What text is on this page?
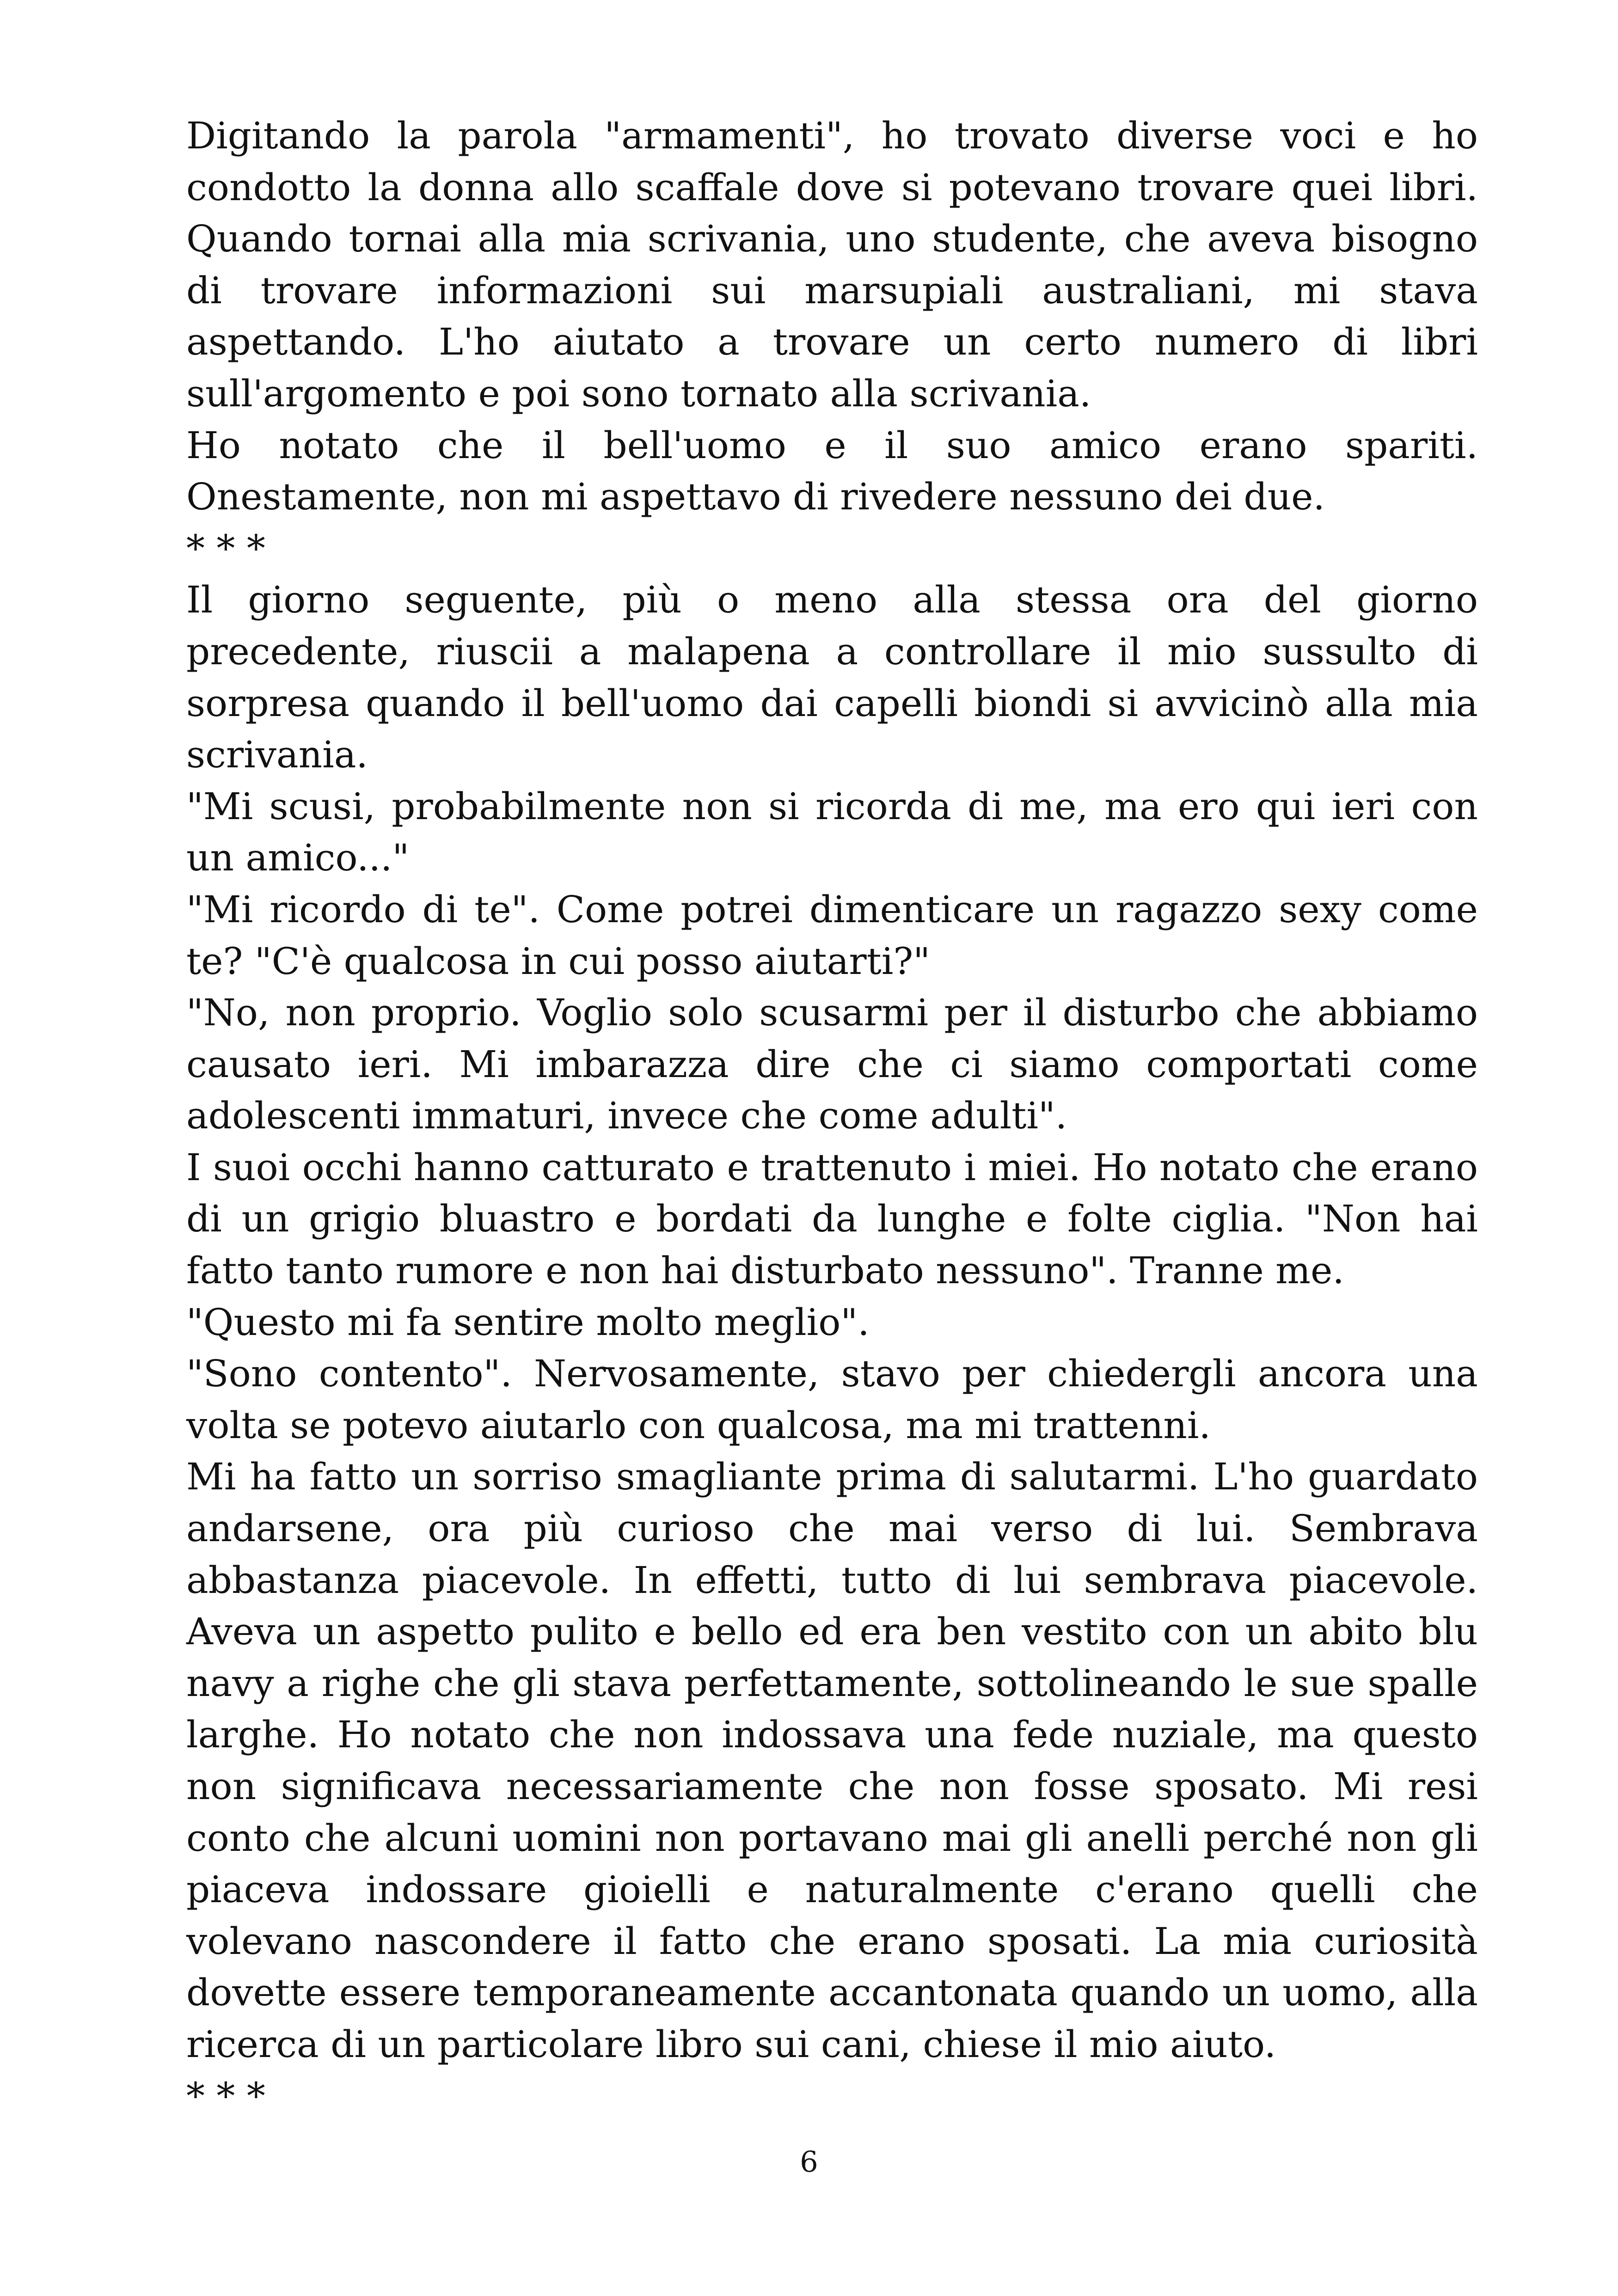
Digitando la parola "armamenti", ho trovato diverse voci e ho condotto la donna allo scaffale dove si potevano trovare quei libri. Quando tornai alla mia scrivania, uno studente, che aveva bisogno di trovare informazioni sui marsupiali australiani, mi stava aspettando. L'ho aiutato a trovare un certo numero di libri sull'argomento e poi sono tornato alla scrivania.

Ho notato che il bell'uomo e il suo amico erano spariti. Onestamente, non mi aspettavo di rivedere nessuno dei due.

* * *

Il giorno seguente, più o meno alla stessa ora del giorno precedente, riuscii a malapena a controllare il mio sussulto di sorpresa quando il bell'uomo dai capelli biondi si avvicinò alla mia scrivania.

"Mi scusi, probabilmente non si ricorda di me, ma ero qui ieri con un amico..."

"Mi ricordo di te". Come potrei dimenticare un ragazzo sexy come te? "C'è qualcosa in cui posso aiutarti?"

"No, non proprio. Voglio solo scusarmi per il disturbo che abbiamo causato ieri. Mi imbarazza dire che ci siamo comportati come adolescenti immaturi, invece che come adulti".

I suoi occhi hanno catturato e trattenuto i miei. Ho notato che erano di un grigio bluastro e bordati da lunghe e folte ciglia. "Non hai fatto tanto rumore e non hai disturbato nessuno". Tranne me.

"Questo mi fa sentire molto meglio".

"Sono contento". Nervosamente, stavo per chiedergli ancora una volta se potevo aiutarlo con qualcosa, ma mi trattenni.

Mi ha fatto un sorriso smagliante prima di salutarmi. L'ho guardato andarsene, ora più curioso che mai verso di lui. Sembrava abbastanza piacevole. In effetti, tutto di lui sembrava piacevole. Aveva un aspetto pulito e bello ed era ben vestito con un abito blu navy a righe che gli stava perfettamente, sottolineando le sue spalle larghe. Ho notato che non indossava una fede nuziale, ma questo non significava necessariamente che non fosse sposato. Mi resi conto che alcuni uomini non portavano mai gli anelli perché non gli piaceva indossare gioielli e naturalmente c'erano quelli che volevano nascondere il fatto che erano sposati. La mia curiosità dovette essere temporaneamente accantonata quando un uomo, alla ricerca di un particolare libro sui cani, chiese il mio aiuto.

* * *

6
